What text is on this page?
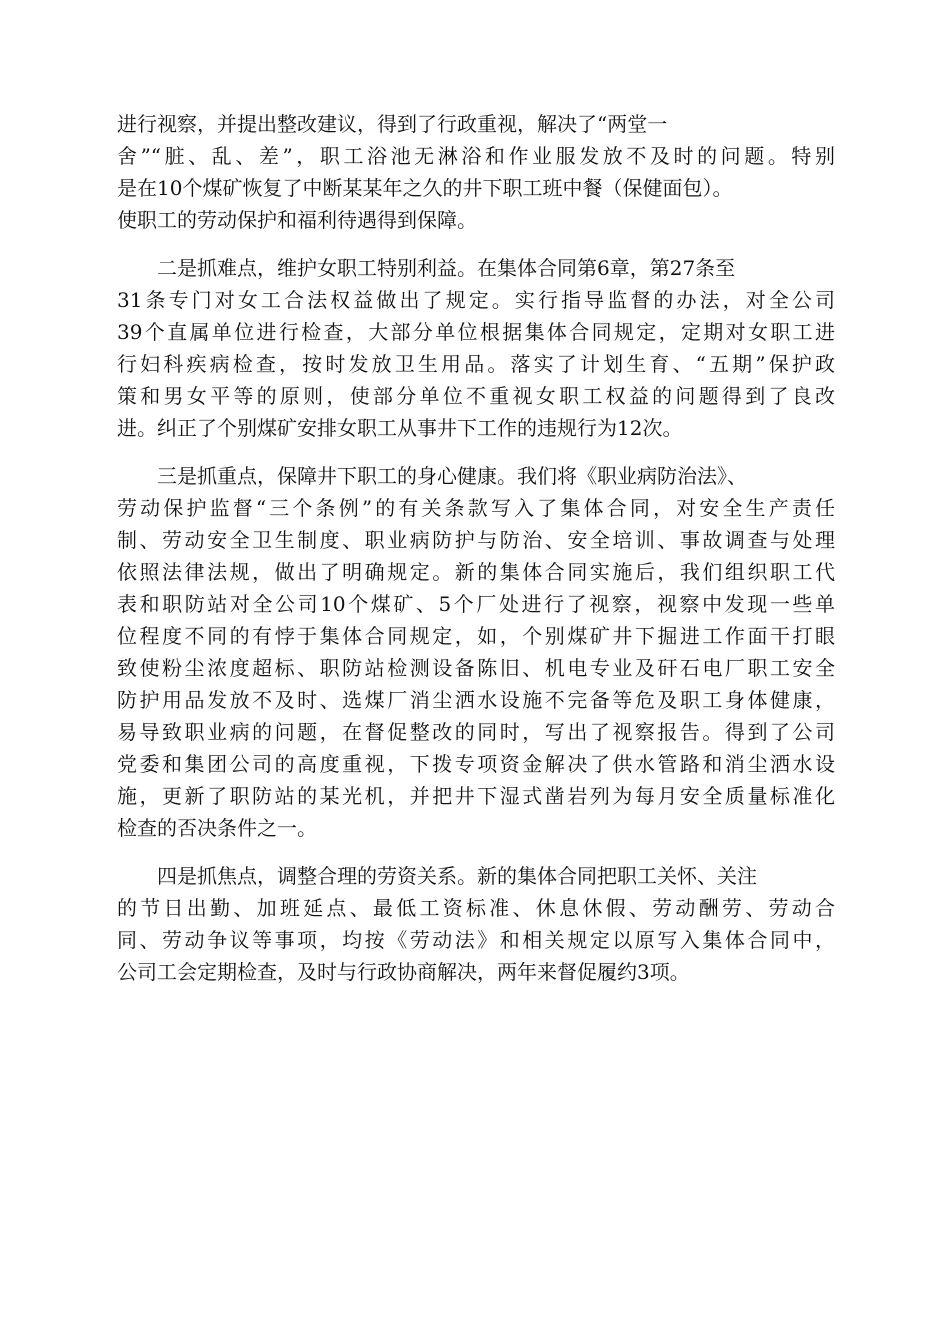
进行视察，并提出整改建议，得到了行政重视，解决了“两堂一
舍”“脏、乱、差”，职工浴池无淋浴和作业服发放不及时的问题。特别
是在10个煤矿恢复了中断某某年之久的井下职工班中餐（保健面包）。
使职工的劳动保护和福利待遇得到保障。
二是抓难点，维护女职工特别利益。在集体合同第6章，第27条至
31条专门对女工合法权益做出了规定。实行指导监督的办法，对全公司
39个直属单位进行检查，大部分单位根据集体合同规定，定期对女职工进
行妇科疾病检查，按时发放卫生用品。落实了计划生育、“五期”保护政
策和男女平等的原则，使部分单位不重视女职工权益的问题得到了良改
进。纠正了个别煤矿安排女职工从事井下工作的违规行为12次。
三是抓重点，保障井下职工的身心健康。我们将《职业病防治法》、
劳动保护监督“三个条例”的有关条款写入了集体合同，对安全生产责任
制、劳动安全卫生制度、职业病防护与防治、安全培训、事故调查与处理
依照法律法规，做出了明确规定。新的集体合同实施后，我们组织职工代
表和职防站对全公司10个煤矿、5个厂处进行了视察，视察中发现一些单
位程度不同的有悖于集体合同规定，如，个别煤矿井下掘进工作面干打眼
致使粉尘浓度超标、职防站检测设备陈旧、机电专业及矸石电厂职工安全
防护用品发放不及时、选煤厂消尘洒水设施不完备等危及职工身体健康，
易导致职业病的问题，在督促整改的同时，写出了视察报告。得到了公司
党委和集团公司的高度重视，下拨专项资金解决了供水管路和消尘洒水设
施，更新了职防站的某光机，并把井下湿式凿岩列为每月安全质量标准化
检查的否决条件之一。
四是抓焦点，调整合理的劳资关系。新的集体合同把职工关怀、关注
的节日出勤、加班延点、最低工资标准、休息休假、劳动酬劳、劳动合
同、劳动争议等事项，均按《劳动法》和相关规定以原写入集体合同中，
公司工会定期检查，及时与行政协商解决，两年来督促履约3项。
